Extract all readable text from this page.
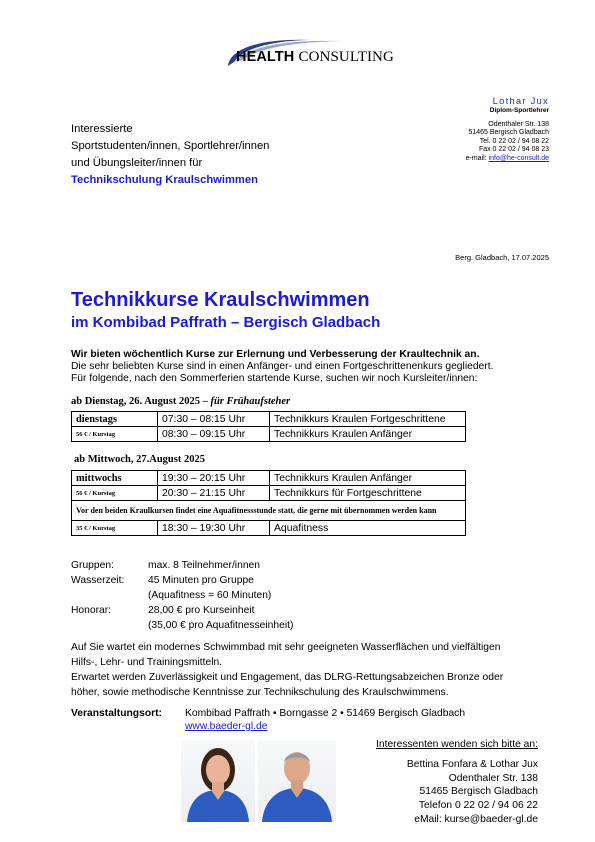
HEALTH CONSULTING
Lothar Jux
Diplom-Sportlehrer
Odenthaler Str. 138
51465 Bergisch Gladbach
Tel. 0 22 02 / 94 08 22
Fax 0 22 02 / 94 08 23
e-mail: info@he-consult.de
Interessierte
Sportstudenten/innen, Sportlehrer/innen
und Übungsleiter/innen für
Technikschulung Kraulschwimmen
Berg. Gladbach, 17.07.2025
Technikkurse Kraulschwimmen
im Kombibad Paffrath – Bergisch Gladbach
Wir bieten wöchentlich Kurse zur Erlernung und Verbesserung der Kraultechnik an.
Die sehr beliebten Kurse sind in einen Anfänger- und einen Fortgeschrittenenkurs gegliedert.
Für folgende, nach den Sommerferien startende Kurse, suchen wir noch Kursleiter/innen:
ab Dienstag, 26. August 2025 – für Frühaufsteher
dienstags	07:30 – 08:15 Uhr	Technikkurs Kraulen Fortgeschrittene
56 € / Kurstag	08:30 – 09:15 Uhr	Technikkurs Kraulen Anfänger
ab Mittwoch, 27.August 2025
mittwochs	19:30 – 20:15 Uhr	Technikkurs Kraulen Anfänger
56 € / Kurstag	20:30 – 21:15 Uhr	Technikkurs für Fortgeschrittene
Vor den beiden Kraulkursen findet eine Aquafitnessstunde statt, die gerne mit übernommen werden kann		
35 € / Kurstag	18:30 – 19:30 Uhr	Aquafitness
Gruppen:	max. 8 Teilnehmer/innen
Wasserzeit: 45 Minuten pro Gruppe
(Aquafitness = 60 Minuten)
Honorar:	28,00 € pro Kurseinheit
(35,00 € pro Aquafitnesseinheit)
Auf Sie wartet ein modernes Schwimmbad mit sehr geeigneten Wasserflächen und vielfältigen
Hilfs-, Lehr- und Trainingsmitteln.
Erwartet werden Zuverlässigkeit und Engagement, das DLRG-Rettungsabzeichen Bronze oder
höher, sowie methodische Kenntnisse zur Technikschulung des Kraulschwimmens.
Veranstaltungsort: Kombibad Paffrath • Borngasse 2 • 51469 Bergisch Gladbach
www.baeder-gl.de
Interessenten wenden sich bitte an:
Bettina Fonfara & Lothar Jux
Odenthaler Str. 138
51465 Bergisch Gladbach
Telefon 0 22 02 / 94 06 22
eMail: kurse@baeder-gl.de
